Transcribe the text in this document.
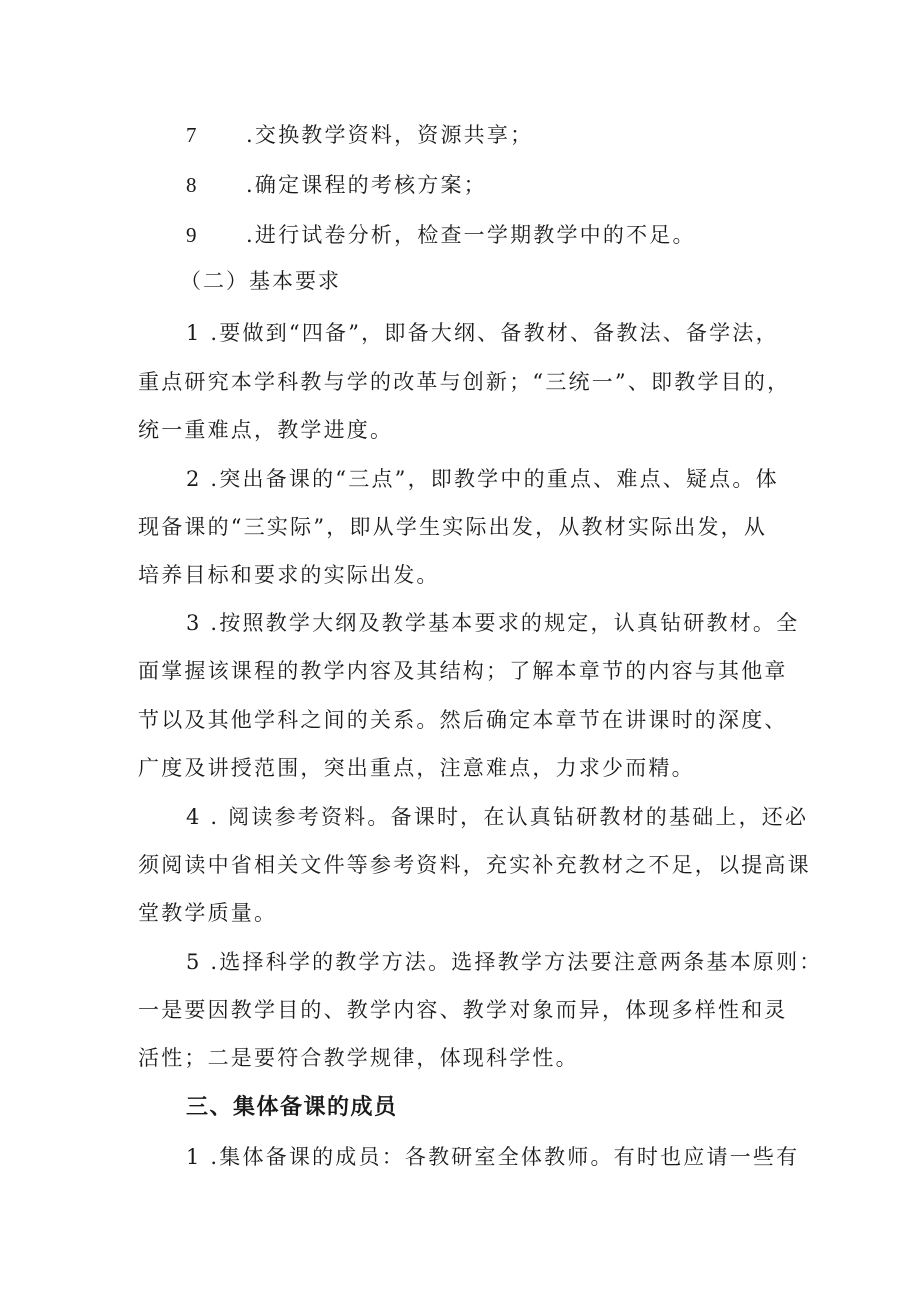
7 .交换教学资料，资源共享；
8 .确定课程的考核方案；
9 .进行试卷分析，检查一学期教学中的不足。
（二）基本要求
1 .要做到“四备”，即备大纲、备教材、备教法、备学法，
重点研究本学科教与学的改革与创新；“三统一”、即教学目的，
统一重难点，教学进度。
2 .突出备课的“三点”，即教学中的重点、难点、疑点。体
现备课的“三实际”，即从学生实际出发，从教材实际出发，从
培养目标和要求的实际出发。
3 .按照教学大纲及教学基本要求的规定，认真钻研教材。全
面掌握该课程的教学内容及其结构；了解本章节的内容与其他章
节以及其他学科之间的关系。然后确定本章节在讲课时的深度、
广度及讲授范围，突出重点，注意难点，力求少而精。
4 . 阅读参考资料。备课时，在认真钻研教材的基础上，还必
须阅读中省相关文件等参考资料，充实补充教材之不足，以提高课
堂教学质量。
5 .选择科学的教学方法。选择教学方法要注意两条基本原则：
一是要因教学目的、教学内容、教学对象而异，体现多样性和灵
活性；二是要符合教学规律，体现科学性。
三、集体备课的成员
1 .集体备课的成员：各教研室全体教师。有时也应请一些有
